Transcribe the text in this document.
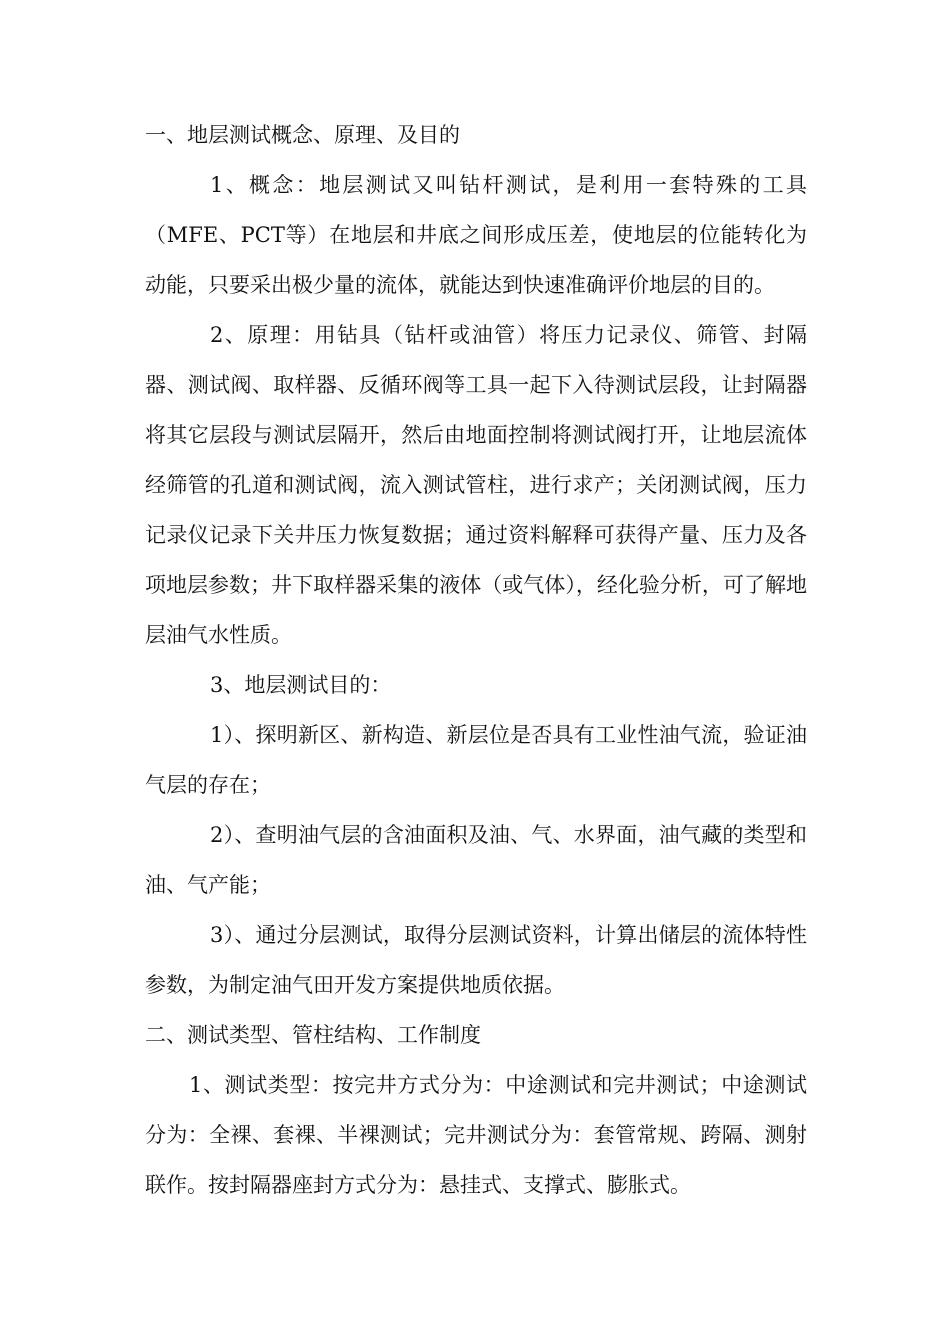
一、地层测试概念、原理、及目的

1、概念：地层测试又叫钻杆测试，是利用一套特殊的工具（MFE、PCT等）在地层和井底之间形成压差，使地层的位能转化为动能，只要采出极少量的流体，就能达到快速准确评价地层的目的。

2、原理：用钻具（钻杆或油管）将压力记录仪、筛管、封隔器、测试阀、取样器、反循环阀等工具一起下入待测试层段，让封隔器将其它层段与测试层隔开，然后由地面控制将测试阀打开，让地层流体经筛管的孔道和测试阀，流入测试管柱，进行求产；关闭测试阀，压力记录仪记录下关井压力恢复数据；通过资料解释可获得产量、压力及各项地层参数；井下取样器采集的液体（或气体），经化验分析，可了解地层油气水性质。

3、地层测试目的：

1）、探明新区、新构造、新层位是否具有工业性油气流，验证油气层的存在；

2）、查明油气层的含油面积及油、气、水界面，油气藏的类型和油、气产能；

3）、通过分层测试，取得分层测试资料，计算出储层的流体特性参数，为制定油气田开发方案提供地质依据。

二、测试类型、管柱结构、工作制度

1、测试类型：按完井方式分为：中途测试和完井测试；中途测试分为：全裸、套裸、半裸测试；完井测试分为：套管常规、跨隔、测射联作。按封隔器座封方式分为：悬挂式、支撑式、膨胀式。
